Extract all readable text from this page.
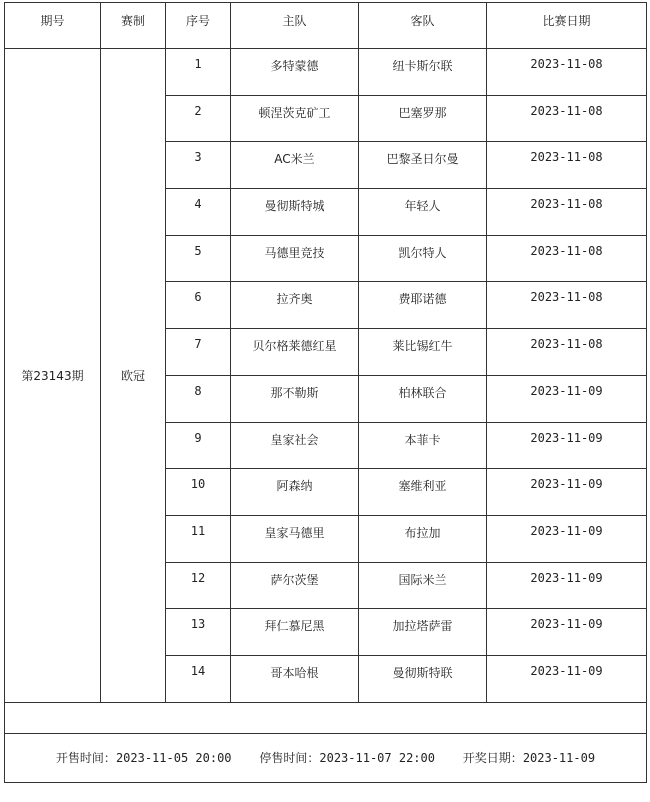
期号	赛制	序号	主队	客队	比赛日期
第23143期	欧冠	1	多特蒙德	纽卡斯尔联	2023-11-08
		2	顿涅茨克矿工	巴塞罗那	2023-11-08
		3	AC米兰	巴黎圣日尔曼	2023-11-08
		4	曼彻斯特城	年轻人	2023-11-08
		5	马德里竞技	凯尔特人	2023-11-08
		6	拉齐奥	费耶诺德	2023-11-08
		7	贝尔格莱德红星	莱比锡红牛	2023-11-08
		8	那不勒斯	柏林联合	2023-11-09
		9	皇家社会	本菲卡	2023-11-09
		10	阿森纳	塞维利亚	2023-11-09
		11	皇家马德里	布拉加	2023-11-09
		12	萨尔茨堡	国际米兰	2023-11-09
		13	拜仁慕尼黑	加拉塔萨雷	2023-11-09
		14	哥本哈根	曼彻斯特联	2023-11-09

开售时间：2023-11-05 20:00 停售时间：2023-11-07 22:00 开奖日期：2023-11-09					
